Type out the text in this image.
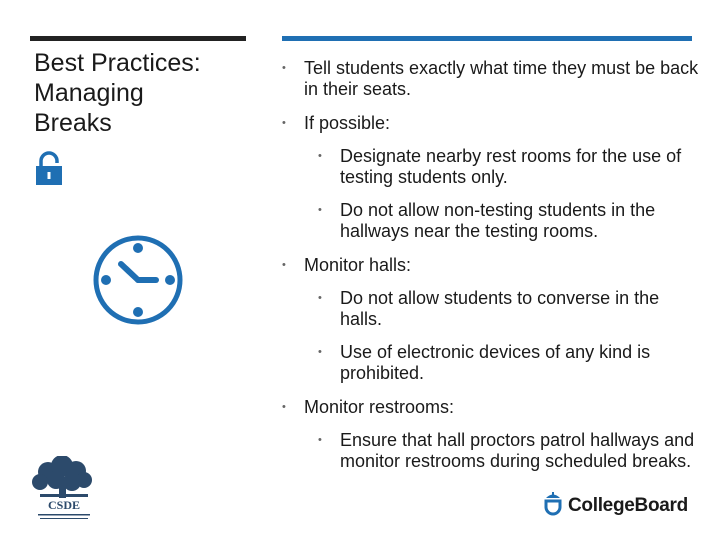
Best Practices:
Managing
Breaks
• Tell students exactly what time they must be back in their seats.
• If possible:
• Designate nearby rest rooms for the use of testing students only.
• Do not allow non-testing students in the hallways near the testing rooms.
• Monitor halls:
• Do not allow students to converse in the halls.
• Use of electronic devices of any kind is prohibited.
• Monitor restrooms:
• Ensure that hall proctors patrol hallways and monitor restrooms during scheduled breaks.
CSDE	CollegeBoard
